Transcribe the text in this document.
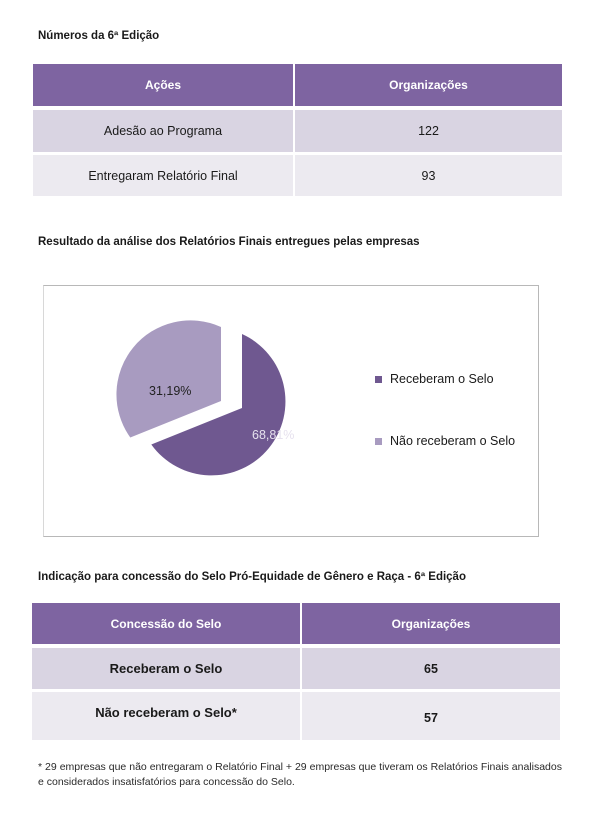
Números da 6ª Edição
Ações	Organizações

Adesão ao Programa	122

Entregaram Relatório Final	93
Resultado da análise dos Relatórios Finais entregues pelas empresas
31,19%
68,81%
Receberam o Selo
Não receberam o Selo
Indicação para concessão do Selo Pró-Equidade de Gênero e Raça - 6ª Edição
Concessão do Selo	Organizações

Receberam o Selo	65

Não receberam o Selo*	57
* 29 empresas que não entregaram o Relatório Final + 29 empresas que tiveram os Relatórios Finais analisados e considerados insatisfatórios para concessão do Selo.
